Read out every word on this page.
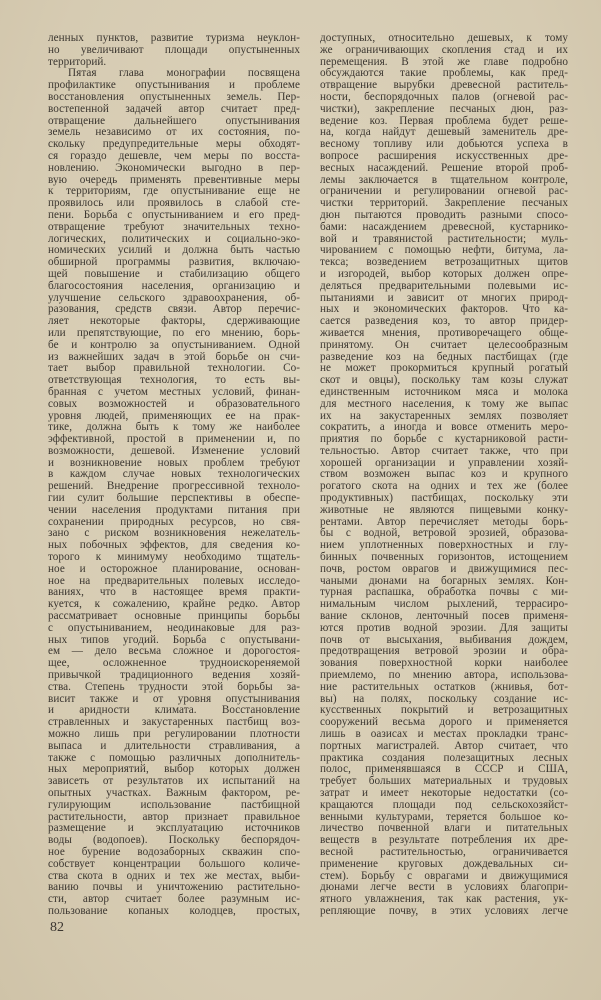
ленных пунктов, развитие туризма неуклон-
но увеличивают площади опустыненных
территорий.
Пятая глава монографии посвящена
профилактике опустынивания и проблеме
восстановления опустыненных земель. Пер-
востепенной задачей автор считает пред-
отвращение дальнейшего опустынивания
земель независимо от их состояния, по-
скольку предупредительные меры обходят-
ся гораздо дешевле, чем меры по восста-
новлению. Экономически выгодно в пер-
вую очередь применять превентивные меры
к территориям, где опустынивание еще не
проявилось или проявилось в слабой сте-
пени. Борьба с опустыниванием и его пред-
отвращение требуют значительных техно-
логических, политических и социально-эко-
номических усилий и должна быть частью
обширной программы развития, включаю-
щей повышение и стабилизацию общего
благосостояния населения, организацию и
улучшение сельского здравоохранения, об-
разования, средств связи. Автор перечис-
ляет некоторые факторы, сдерживающие
или препятствующие, по его мнению, борь-
бе и контролю за опустыниванием. Одной
из важнейших задач в этой борьбе он счи-
тает выбор правильной технологии. Со-
ответствующая технология, то есть вы-
бранная с учетом местных условий, финан-
совых возможностей и образовательного
уровня людей, применяющих ее на прак-
тике, должна быть к тому же наиболее
эффективной, простой в применении и, по
возможности, дешевой. Изменение условий
и возникновение новых проблем требуют
в каждом случае новых технологических
решений. Внедрение прогрессивной техноло-
гии сулит большие перспективы в обеспе-
чении населения продуктами питания при
сохранении природных ресурсов, но свя-
зано с риском возникновения нежелатель-
ных побочных эффектов, для сведения ко-
торого к минимуму необходимо тщатель-
ное и осторожное планирование, основан-
ное на предварительных полевых исследо-
ваниях, что в настоящее время практи-
куется, к сожалению, крайне редко. Автор
рассматривает основные принципы борьбы
с опустыниванием, неодинаковые для раз-
ных типов угодий. Борьба с опустывани-
ем — дело весьма сложное и дорогостоя-
щее, осложненное трудноискореняемой
привычкой традиционного ведения хозяй-
ства. Степень трудности этой борьбы за-
висит также и от уровня опустынивания
и аридности климата. Восстановление
стравленных и закустаренных пастбищ воз-
можно лишь при регулировании плотности
выпаса и длительности стравливания, а
также с помощью различных дополнитель-
ных мероприятий, выбор которых должен
зависеть от результатов их испытаний на
опытных участках. Важным фактором, ре-
гулирующим использование пастбищной
растительности, автор признает правильное
размещение и эксплуатацию источников
воды (водопоев). Поскольку беспорядоч-
ное бурение водозаборных скважин спо-
собствует концентрации большого количе-
ства скота в одних и тех же местах, выби-
ванию почвы и уничтожению растительно-
сти, автор считает более разумным ис-
пользование копаных колодцев, простых,
доступных, относительно дешевых, к тому
же ограничивающих скопления стад и их
перемещения. В этой же главе подробно
обсуждаются такие проблемы, как пред-
отвращение вырубки древесной раститель-
ности, беспорядочных палов (огневой рас-
чистки), закрепление песчаных дюн, раз-
ведение коз. Первая проблема будет реше-
на, когда найдут дешевый заменитель дре-
весному топливу или добьются успеха в
вопросе расширения искусственных дре-
весных насаждений. Решение второй проб-
лемы заключается в тщательном контроле,
ограничении и регулировании огневой рас-
чистки территорий. Закрепление песчаных
дюн пытаются проводить разными спосо-
бами: насаждением древесной, кустарнико-
вой и травянистой растительности; муль-
чированием с помощью нефти, битума, ла-
текса; возведением ветрозащитных щитов
и изгородей, выбор которых должен опре-
деляться предварительными полевыми ис-
пытаниями и зависит от многих природ-
ных и экономических факторов. Что ка-
сается разведения коз, то автор придер-
живается мнения, противоречащего обще-
принятому. Он считает целесообразным
разведение коз на бедных пастбищах (где
не может прокормиться крупный рогатый
скот и овцы), поскольку там козы служат
единственным источником мяса и молока
для местного населения, к тому же выпас
их на закустаренных землях позволяет
сократить, а иногда и вовсе отменить меро-
приятия по борьбе с кустарниковой расти-
тельностью. Автор считает также, что при
хорошей организации и управлении хозяй-
ством возможен выпас коз и крупного
рогатого скота на одних и тех же (более
продуктивных) пастбищах, поскольку эти
животные не являются пищевыми конку-
рентами. Автор перечисляет методы борь-
бы с водной, ветровой эрозией, образова-
нием уплотненных поверхностных и глу-
бинных почвенных горизонтов, истощением
почв, ростом оврагов и движущимися пес-
чаными дюнами на богарных землях. Кон-
турная распашка, обработка почвы с ми-
нимальным числом рыхлений, террасиро-
вание склонов, ленточный посев применя-
ются против водной эрозии. Для защиты
почв от высыхания, выбивания дождем,
предотвращения ветровой эрозии и обра-
зования поверхностной корки наиболее
приемлемо, по мнению автора, использова-
ние растительных остатков (жнивья, бот-
вы) на полях, поскольку создание ис-
кусственных покрытий и ветрозащитных
сооружений весьма дорого и применяется
лишь в оазисах и местах прокладки транс-
портных магистралей. Автор считает, что
практика создания полезащитных лесных
полос, применявшаяся в СССР и США,
требует больших материальных и трудовых
затрат и имеет некоторые недостатки (со-
кращаются площади под сельскохозяйст-
венными культурами, теряется большое ко-
личество почвенной влаги и питательных
веществ в результате потребления их дре-
весной растительностью, ограничивается
применение круговых дождевальных си-
стем). Борьбу с оврагами и движущимися
дюнами легче вести в условиях благопри-
ятного увлажнения, так как растения, ук-
репляющие почву, в этих условиях легче
82
